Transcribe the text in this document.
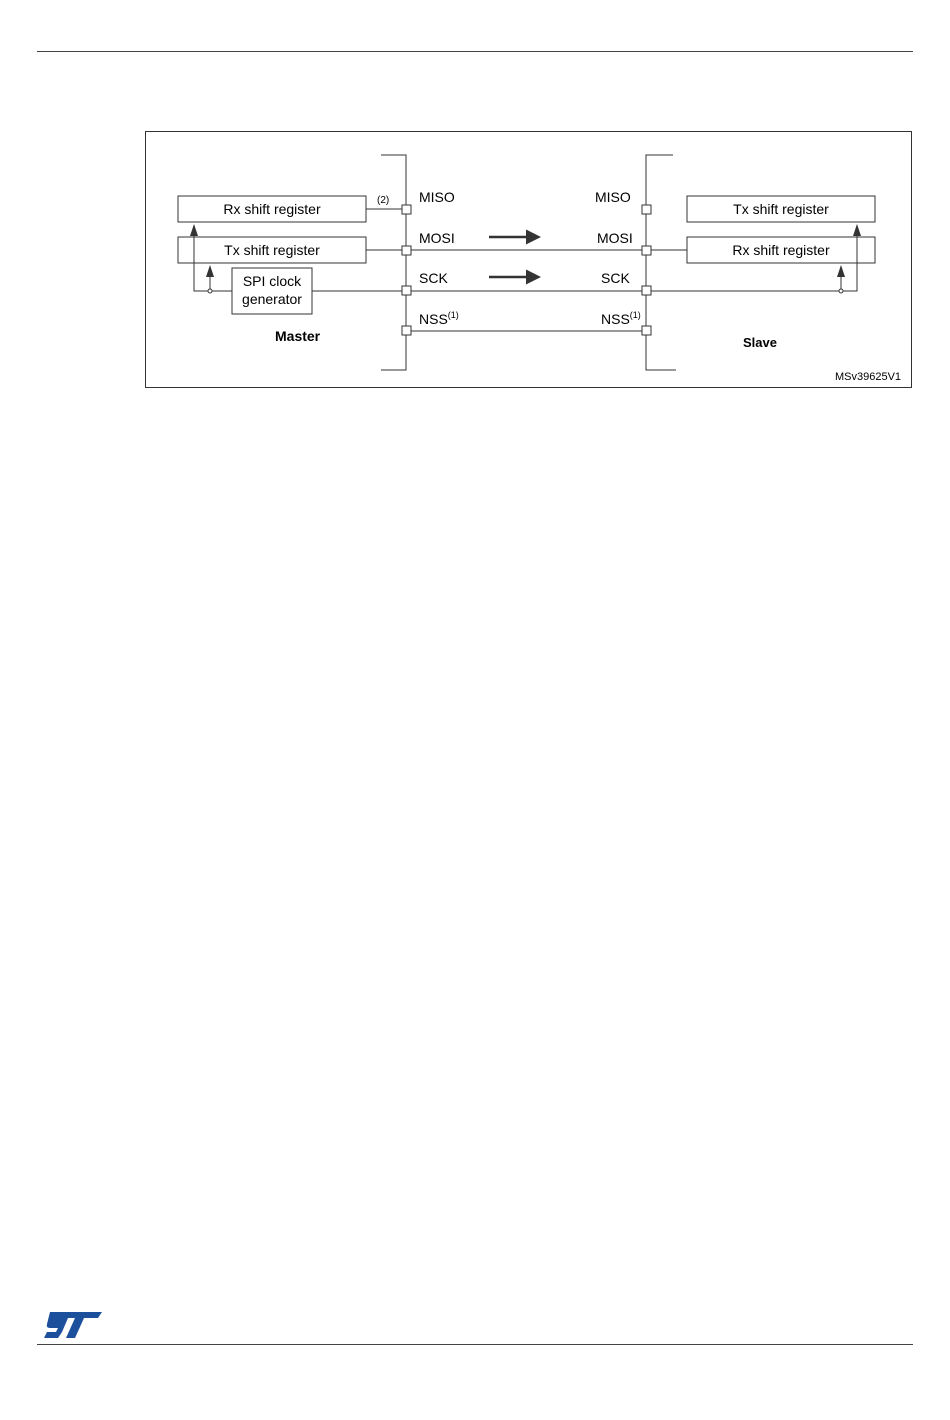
Rx shift register
Tx shift register
SPI clock
generator
(2)
Master
Tx shift register
Rx shift register
Slave
MISO
MOSI
SCK
NSS$^{(1)}$
MISO
MOSI
SCK
NSS$^{(1)}$
MSv39625V1
